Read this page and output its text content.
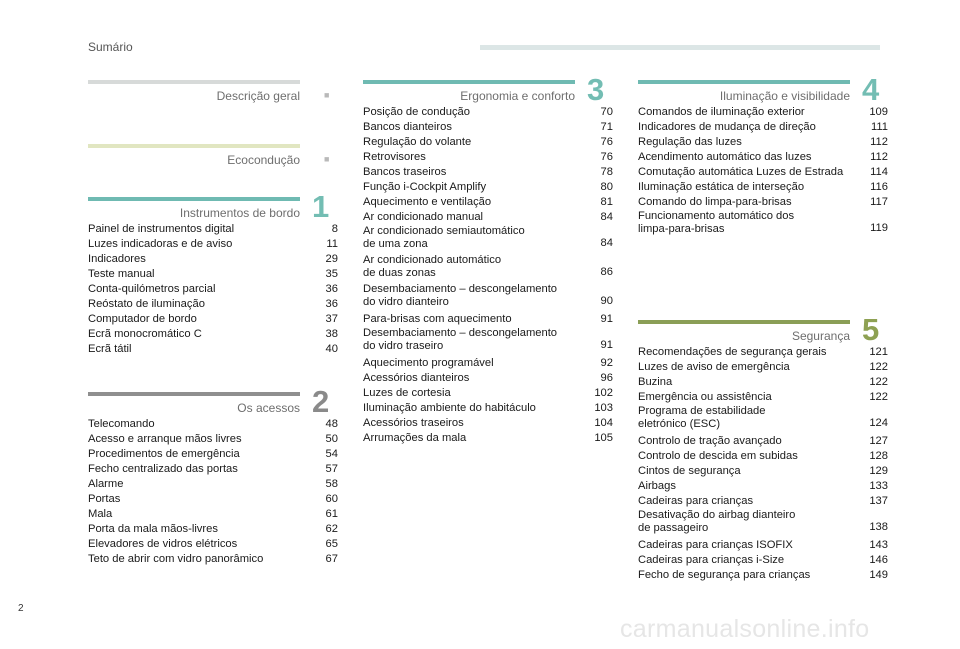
Sumário
Descrição geral	■
Ecocondução	■
Instrumentos de bordo 1
Painel de instrumentos digital	8
Luzes indicadoras e de aviso	11
Indicadores	29
Teste manual	35
Conta-quilómetros parcial	36
Reóstato de iluminação	36
Computador de bordo	37
Ecrã monocromático C	38
Ecrã tátil	40
Os acessos 2
Telecomando	48
Acesso e arranque mãos livres	50
Procedimentos de emergência	54
Fecho centralizado das portas	57
Alarme	58
Portas	60
Mala	61
Porta da mala mãos-livres	62
Elevadores de vidros elétricos	65
Teto de abrir com vidro panorâmico	67
Ergonomia e conforto 3
Posição de condução	70
Bancos dianteiros	71
Regulação do volante	76
Retrovisores	76
Bancos traseiros	78
Função i-Cockpit Amplify	80
Aquecimento e ventilação	81
Ar condicionado manual	84
Ar condicionado semiautomático
de uma zona	84
Ar condicionado automático
de duas zonas	86
Desembaciamento – descongelamento
do vidro dianteiro	90
Para-brisas com aquecimento	91
Desembaciamento – descongelamento
do vidro traseiro	91
Aquecimento programável	92
Acessórios dianteiros	96
Luzes de cortesia	102
Iluminação ambiente do habitáculo	103
Acessórios traseiros	104
Arrumações da mala	105
Iluminação e visibilidade 4
Comandos de iluminação exterior	109
Indicadores de mudança de direção	111
Regulação das luzes	112
Acendimento automático das luzes	112
Comutação automática Luzes de Estrada	114
Iluminação estática de interseção	116
Comando do limpa-para-brisas	117
Funcionamento automático dos
limpa-para-brisas	119
Segurança 5
Recomendações de segurança gerais	121
Luzes de aviso de emergência	122
Buzina	122
Emergência ou assistência	122
Programa de estabilidade
eletrónico (ESC)	124
Controlo de tração avançado	127
Controlo de descida em subidas	128
Cintos de segurança	129
Airbags	133
Cadeiras para crianças	137
Desativação do airbag dianteiro
de passageiro	138
Cadeiras para crianças ISOFIX	143
Cadeiras para crianças i-Size	146
Fecho de segurança para crianças	149
2
carmanualsonline.info
